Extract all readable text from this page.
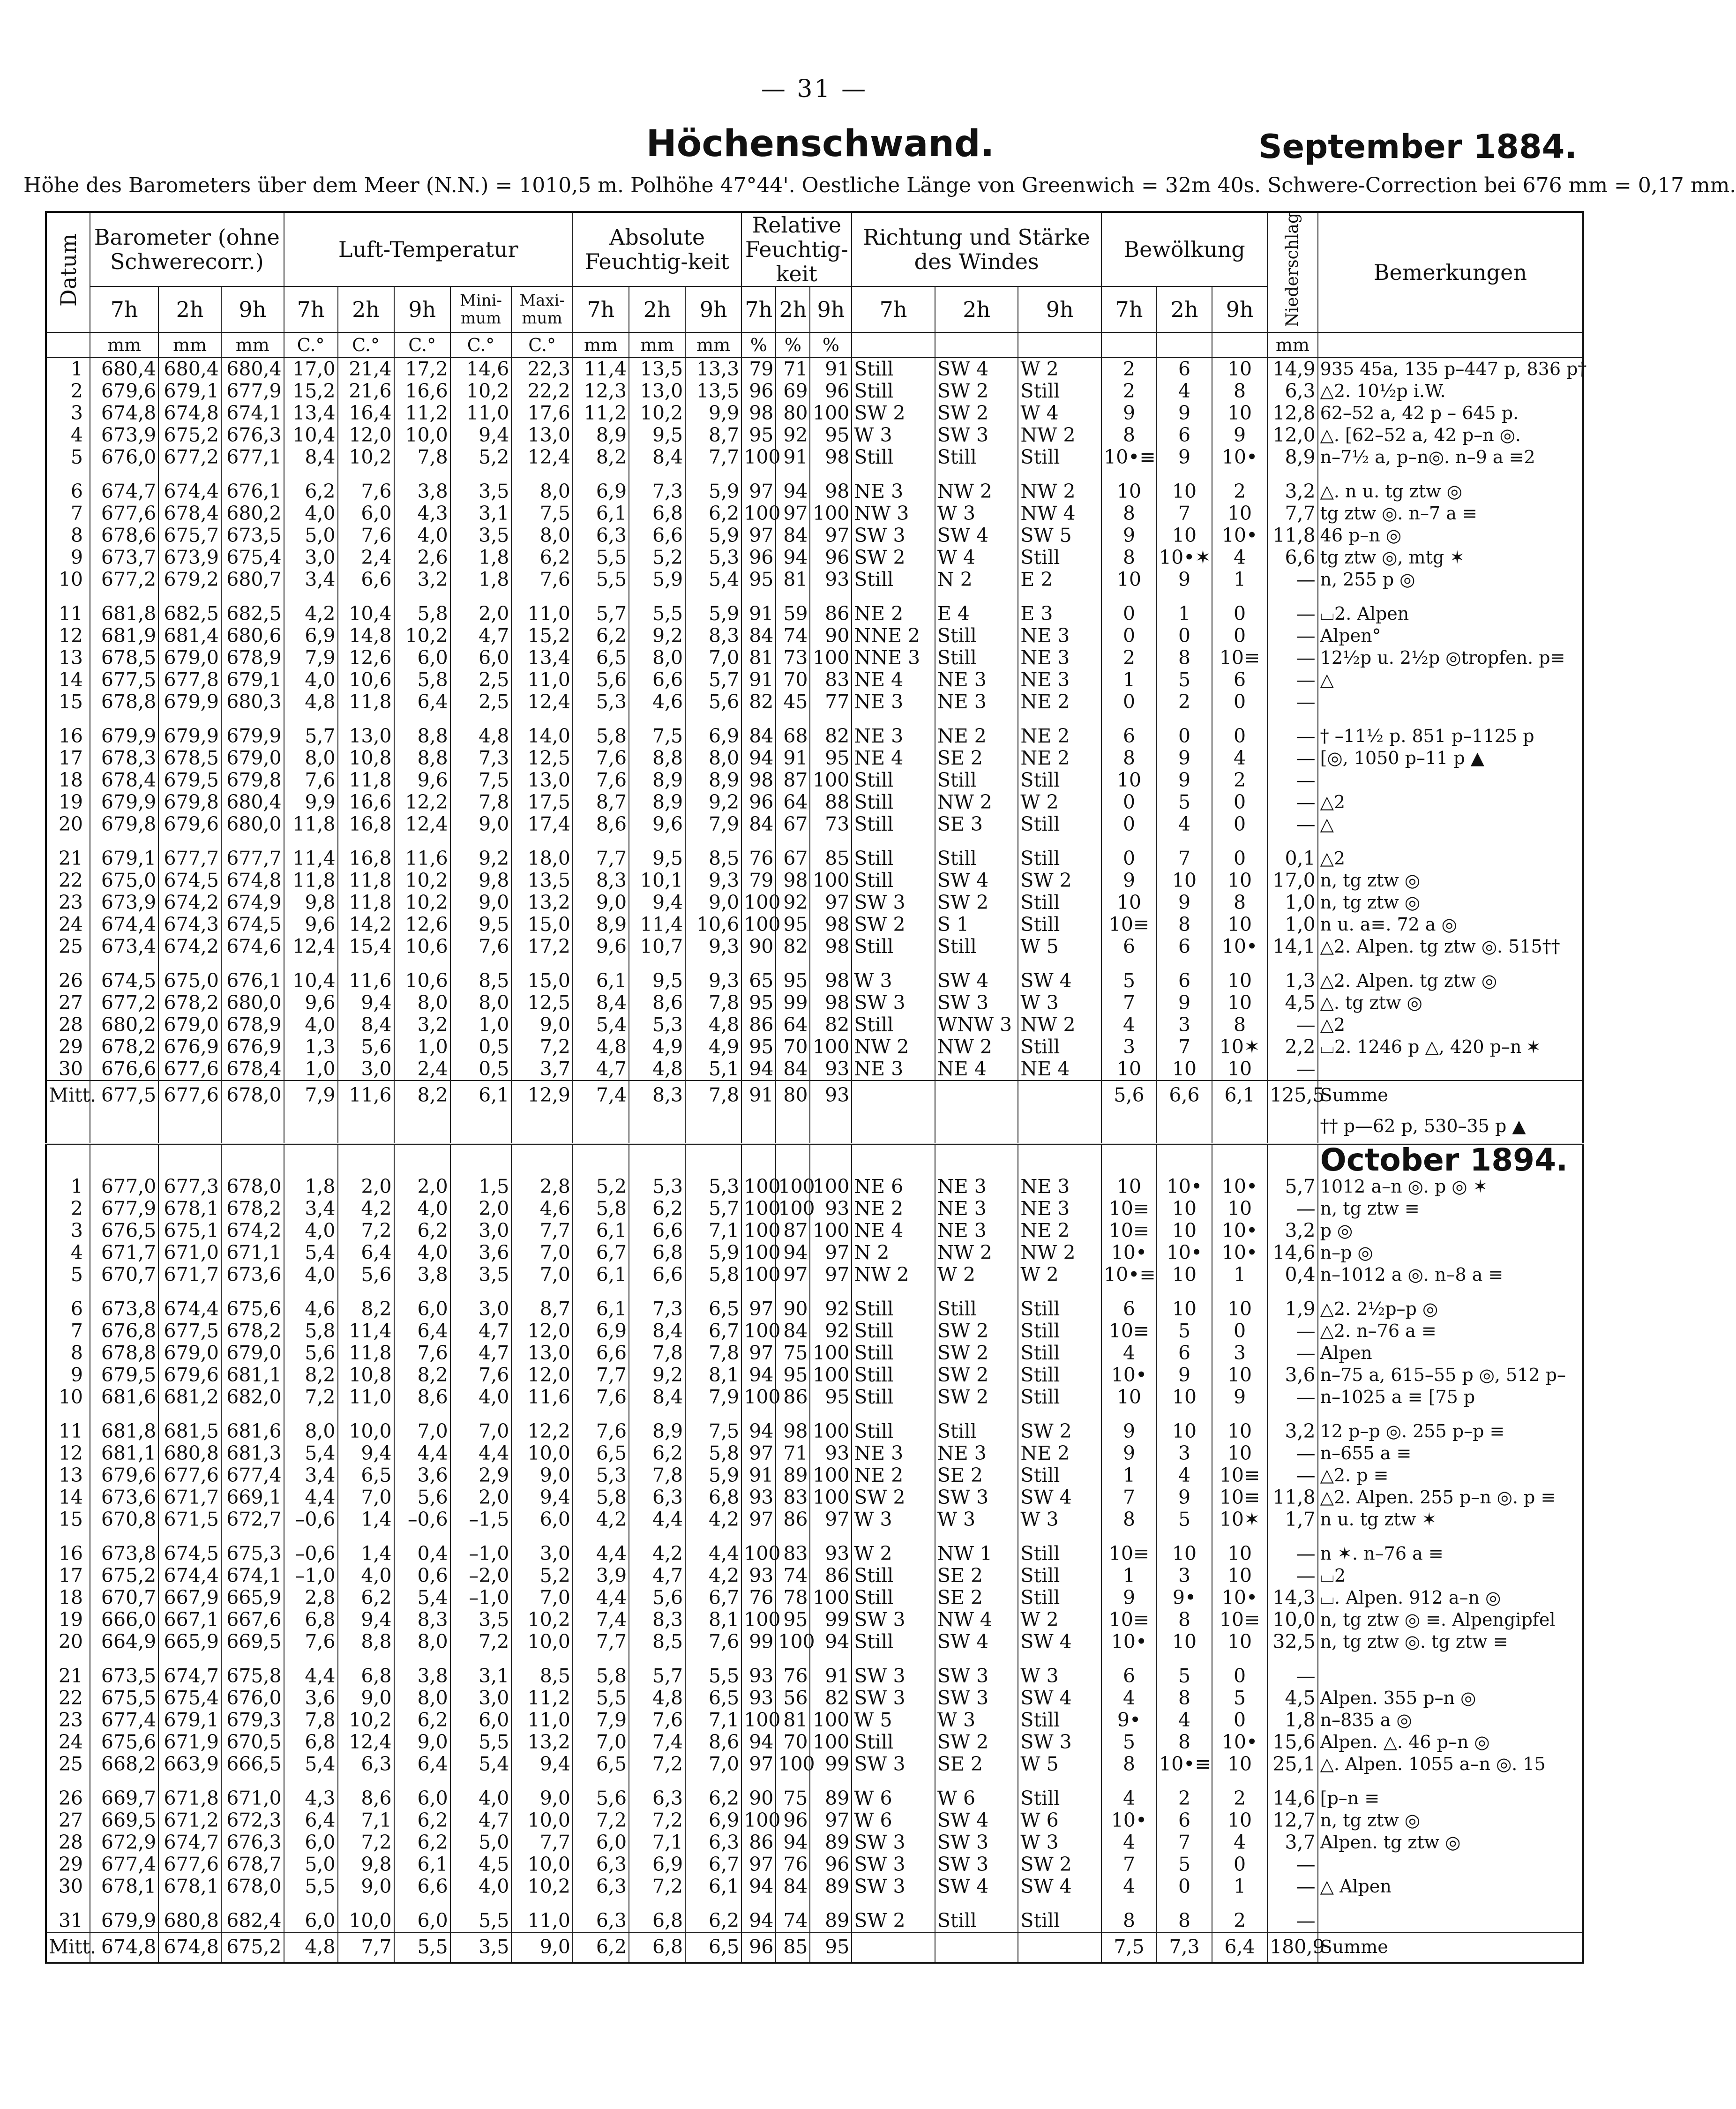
— 31 —
Höchenschwand.	September 1884.
Höhe des Barometers über dem Meer (N.N.) = 1010,5 m. Polhöhe 47°44'. Oestliche Länge von Greenwich = 32m 40s. Schwere-Correction bei 676 mm = 0,17 mm.
Datum	Barometer (ohne Schwerecorr.)			Luft-Temperatur					Absolute Feuchtig-keit			Relative Feuchtig-keit			Richtung und Stärke des Windes			Bewölkung			Niederschlag	Bemerkungen
	7h	2h	9h	7h	2h	9h	Mini-mum	Maxi-mum	7h	2h	9h	7h	2h	9h	7h	2h	9h	7h	2h	9h		
	mm	mm	mm	C.°	C.°	C.°	C.°	C.°	mm	mm	mm	%	%	%							mm	
1	680,4	680,4	680,4	17,0	21,4	17,2	14,6	22,3	11,4	13,5	13,3	79	71	91	Still	SW 4	W 2	2	6	10	14,9	935 45a, 135 p–447 p, 836 p†
2	679,6	679,1	677,9	15,2	21,6	16,6	10,2	22,2	12,3	13,0	13,5	96	69	96	Still	SW 2	Still	2	4	8	6,3	△2. 10½p i.W.
3	674,8	674,8	674,1	13,4	16,4	11,2	11,0	17,6	11,2	10,2	9,9	98	80	100	SW 2	SW 2	W 4	9	9	10	12,8	62–52 a, 42 p – 645 p.
4	673,9	675,2	676,3	10,4	12,0	10,0	9,4	13,0	8,9	9,5	8,7	95	92	95	W 3	SW 3	NW 2	8	6	9	12,0	△. [62–52 a, 42 p–n ◎.
5	676,0	677,2	677,1	8,4	10,2	7,8	5,2	12,4	8,2	8,4	7,7	100	91	98	Still	Still	Still	10•≡	9	10•	8,9	n–7½ a, p–n◎. n–9 a ≡2

6	674,7	674,4	676,1	6,2	7,6	3,8	3,5	8,0	6,9	7,3	5,9	97	94	98	NE 3	NW 2	NW 2	10	10	2	3,2	△. n u. tg ztw ◎
7	677,6	678,4	680,2	4,0	6,0	4,3	3,1	7,5	6,1	6,8	6,2	100	97	100	NW 3	W 3	NW 4	8	7	10	7,7	tg ztw ◎. n–7 a ≡
8	678,6	675,7	673,5	5,0	7,6	4,0	3,5	8,0	6,3	6,6	5,9	97	84	97	SW 3	SW 4	SW 5	9	10	10•	11,8	46 p–n ◎
9	673,7	673,9	675,4	3,0	2,4	2,6	1,8	6,2	5,5	5,2	5,3	96	94	96	SW 2	W 4	Still	8	10•✶	4	6,6	tg ztw ◎, mtg ✶
10	677,2	679,2	680,7	3,4	6,6	3,2	1,8	7,6	5,5	5,9	5,4	95	81	93	Still	N 2	E 2	10	9	1	—	n, 255 p ◎

11	681,8	682,5	682,5	4,2	10,4	5,8	2,0	11,0	5,7	5,5	5,9	91	59	86	NE 2	E 4	E 3	0	1	0	—	⌴2. Alpen
12	681,9	681,4	680,6	6,9	14,8	10,2	4,7	15,2	6,2	9,2	8,3	84	74	90	NNE 2	Still	NE 3	0	0	0	—	Alpen°
13	678,5	679,0	678,9	7,9	12,6	6,0	6,0	13,4	6,5	8,0	7,0	81	73	100	NNE 3	Still	NE 3	2	8	10≡	—	12½p u. 2½p ◎tropfen. p≡
14	677,5	677,8	679,1	4,0	10,6	5,8	2,5	11,0	5,6	6,6	5,7	91	70	83	NE 4	NE 3	NE 3	1	5	6	—	△
15	678,8	679,9	680,3	4,8	11,8	6,4	2,5	12,4	5,3	4,6	5,6	82	45	77	NE 3	NE 3	NE 2	0	2	0	—	

16	679,9	679,9	679,9	5,7	13,0	8,8	4,8	14,0	5,8	7,5	6,9	84	68	82	NE 3	NE 2	NE 2	6	0	0	—	† –11½ p. 851 p–1125 p
17	678,3	678,5	679,0	8,0	10,8	8,8	7,3	12,5	7,6	8,8	8,0	94	91	95	NE 4	SE 2	NE 2	8	9	4	—	[◎, 1050 p–11 p ▲
18	678,4	679,5	679,8	7,6	11,8	9,6	7,5	13,0	7,6	8,9	8,9	98	87	100	Still	Still	Still	10	9	2	—	
19	679,9	679,8	680,4	9,9	16,6	12,2	7,8	17,5	8,7	8,9	9,2	96	64	88	Still	NW 2	W 2	0	5	0	—	△2
20	679,8	679,6	680,0	11,8	16,8	12,4	9,0	17,4	8,6	9,6	7,9	84	67	73	Still	SE 3	Still	0	4	0	—	△

21	679,1	677,7	677,7	11,4	16,8	11,6	9,2	18,0	7,7	9,5	8,5	76	67	85	Still	Still	Still	0	7	0	0,1	△2
22	675,0	674,5	674,8	11,8	11,8	10,2	9,8	13,5	8,3	10,1	9,3	79	98	100	Still	SW 4	SW 2	9	10	10	17,0	n, tg ztw ◎
23	673,9	674,2	674,9	9,8	11,8	10,2	9,0	13,2	9,0	9,4	9,0	100	92	97	SW 3	SW 2	Still	10	9	8	1,0	n, tg ztw ◎
24	674,4	674,3	674,5	9,6	14,2	12,6	9,5	15,0	8,9	11,4	10,6	100	95	98	SW 2	S 1	Still	10≡	8	10	1,0	n u. a≡. 72 a ◎
25	673,4	674,2	674,6	12,4	15,4	10,6	7,6	17,2	9,6	10,7	9,3	90	82	98	Still	Still	W 5	6	6	10•	14,1	△2. Alpen. tg ztw ◎. 515††

26	674,5	675,0	676,1	10,4	11,6	10,6	8,5	15,0	6,1	9,5	9,3	65	95	98	W 3	SW 4	SW 4	5	6	10	1,3	△2. Alpen. tg ztw ◎
27	677,2	678,2	680,0	9,6	9,4	8,0	8,0	12,5	8,4	8,6	7,8	95	99	98	SW 3	SW 3	W 3	7	9	10	4,5	△. tg ztw ◎
28	680,2	679,0	678,9	4,0	8,4	3,2	1,0	9,0	5,4	5,3	4,8	86	64	82	Still	WNW 3	NW 2	4	3	8	—	△2
29	678,2	676,9	676,9	1,3	5,6	1,0	0,5	7,2	4,8	4,9	4,9	95	70	100	NW 2	NW 2	Still	3	7	10✶	2,2	⌴2. 1246 p △, 420 p–n ✶
30	676,6	677,6	678,4	1,0	3,0	2,4	0,5	3,7	4,7	4,8	5,1	94	84	93	NE 3	NE 4	NE 4	10	10	10	—	
Mitt.	677,5	677,6	678,0	7,9	11,6	8,2	6,1	12,9	7,4	8,3	7,8	91	80	93				5,6	6,6	6,1	125,5	Summe
																						†† p—62 p, 530–35 p ▲
																						October 1894.
1	677,0	677,3	678,0	1,8	2,0	2,0	1,5	2,8	5,2	5,3	5,3	100	100	100	NE 6	NE 3	NE 3	10	10•	10•	5,7	1012 a–n ◎. p ◎ ✶
2	677,9	678,1	678,2	3,4	4,2	4,0	2,0	4,6	5,8	6,2	5,7	100	100	93	NE 2	NE 3	NE 3	10≡	10	10	—	n, tg ztw ≡
3	676,5	675,1	674,2	4,0	7,2	6,2	3,0	7,7	6,1	6,6	7,1	100	87	100	NE 4	NE 3	NE 2	10≡	10	10•	3,2	p ◎
4	671,7	671,0	671,1	5,4	6,4	4,0	3,6	7,0	6,7	6,8	5,9	100	94	97	N 2	NW 2	NW 2	10•	10•	10•	14,6	n–p ◎
5	670,7	671,7	673,6	4,0	5,6	3,8	3,5	7,0	6,1	6,6	5,8	100	97	97	NW 2	W 2	W 2	10•≡	10	1	0,4	n–1012 a ◎. n–8 a ≡

6	673,8	674,4	675,6	4,6	8,2	6,0	3,0	8,7	6,1	7,3	6,5	97	90	92	Still	Still	Still	6	10	10	1,9	△2. 2½p–p ◎
7	676,8	677,5	678,2	5,8	11,4	6,4	4,7	12,0	6,9	8,4	6,7	100	84	92	Still	SW 2	Still	10≡	5	0	—	△2. n–76 a ≡
8	678,8	679,0	679,0	5,6	11,8	7,6	4,7	13,0	6,6	7,8	7,8	97	75	100	Still	SW 2	Still	4	6	3	—	Alpen
9	679,5	679,6	681,1	8,2	10,8	8,2	7,6	12,0	7,7	9,2	8,1	94	95	100	Still	SW 2	Still	10•	9	10	3,6	n–75 a, 615–55 p ◎, 512 p–
10	681,6	681,2	682,0	7,2	11,0	8,6	4,0	11,6	7,6	8,4	7,9	100	86	95	Still	SW 2	Still	10	10	9	—	n–1025 a ≡ [75 p

11	681,8	681,5	681,6	8,0	10,0	7,0	7,0	12,2	7,6	8,9	7,5	94	98	100	Still	Still	SW 2	9	10	10	3,2	12 p–p ◎. 255 p–p ≡
12	681,1	680,8	681,3	5,4	9,4	4,4	4,4	10,0	6,5	6,2	5,8	97	71	93	NE 3	NE 3	NE 2	9	3	10	—	n–655 a ≡
13	679,6	677,6	677,4	3,4	6,5	3,6	2,9	9,0	5,3	7,8	5,9	91	89	100	NE 2	SE 2	Still	1	4	10≡	—	△2. p ≡
14	673,6	671,7	669,1	4,4	7,0	5,6	2,0	9,4	5,8	6,3	6,8	93	83	100	SW 2	SW 3	SW 4	7	9	10≡	11,8	△2. Alpen. 255 p–n ◎. p ≡
15	670,8	671,5	672,7	–0,6	1,4	–0,6	–1,5	6,0	4,2	4,4	4,2	97	86	97	W 3	W 3	W 3	8	5	10✶	1,7	n u. tg ztw ✶

16	673,8	674,5	675,3	–0,6	1,4	0,4	–1,0	3,0	4,4	4,2	4,4	100	83	93	W 2	NW 1	Still	10≡	10	10	—	n ✶. n–76 a ≡
17	675,2	674,4	674,1	–1,0	4,0	0,6	–2,0	5,2	3,9	4,7	4,2	93	74	86	Still	SE 2	Still	1	3	10	—	⌴2
18	670,7	667,9	665,9	2,8	6,2	5,4	–1,0	7,0	4,4	5,6	6,7	76	78	100	Still	SE 2	Still	9	9•	10•	14,3	⌴. Alpen. 912 a–n ◎
19	666,0	667,1	667,6	6,8	9,4	8,3	3,5	10,2	7,4	8,3	8,1	100	95	99	SW 3	NW 4	W 2	10≡	8	10≡	10,0	n, tg ztw ◎ ≡. Alpengipfel
20	664,9	665,9	669,5	7,6	8,8	8,0	7,2	10,0	7,7	8,5	7,6	99	100	94	Still	SW 4	SW 4	10•	10	10	32,5	n, tg ztw ◎. tg ztw ≡

21	673,5	674,7	675,8	4,4	6,8	3,8	3,1	8,5	5,8	5,7	5,5	93	76	91	SW 3	SW 3	W 3	6	5	0	—	
22	675,5	675,4	676,0	3,6	9,0	8,0	3,0	11,2	5,5	4,8	6,5	93	56	82	SW 3	SW 3	SW 4	4	8	5	4,5	Alpen. 355 p–n ◎
23	677,4	679,1	679,3	7,8	10,2	6,2	6,0	11,0	7,9	7,6	7,1	100	81	100	W 5	W 3	Still	9•	4	0	1,8	n–835 a ◎
24	675,6	671,9	670,5	6,8	12,4	9,0	5,5	13,2	7,0	7,4	8,6	94	70	100	Still	SW 2	SW 3	5	8	10•	15,6	Alpen. △. 46 p–n ◎
25	668,2	663,9	666,5	5,4	6,3	6,4	5,4	9,4	6,5	7,2	7,0	97	100	99	SW 3	SE 2	W 5	8	10•≡	10	25,1	△. Alpen. 1055 a–n ◎. 15

26	669,7	671,8	671,0	4,3	8,6	6,0	4,0	9,0	5,6	6,3	6,2	90	75	89	W 6	W 6	Still	4	2	2	14,6	[p–n ≡
27	669,5	671,2	672,3	6,4	7,1	6,2	4,7	10,0	7,2	7,2	6,9	100	96	97	W 6	SW 4	W 6	10•	6	10	12,7	n, tg ztw ◎
28	672,9	674,7	676,3	6,0	7,2	6,2	5,0	7,7	6,0	7,1	6,3	86	94	89	SW 3	SW 3	W 3	4	7	4	3,7	Alpen. tg ztw ◎
29	677,4	677,6	678,7	5,0	9,8	6,1	4,5	10,0	6,3	6,9	6,7	97	76	96	SW 3	SW 3	SW 2	7	5	0	—	
30	678,1	678,1	678,0	5,5	9,0	6,6	4,0	10,2	6,3	7,2	6,1	94	84	89	SW 3	SW 4	SW 4	4	0	1	—	△ Alpen

31	679,9	680,8	682,4	6,0	10,0	6,0	5,5	11,0	6,3	6,8	6,2	94	74	89	SW 2	Still	Still	8	8	2	—	
Mitt.	674,8	674,8	675,2	4,8	7,7	5,5	3,5	9,0	6,2	6,8	6,5	96	85	95				7,5	7,3	6,4	180,9	Summe
